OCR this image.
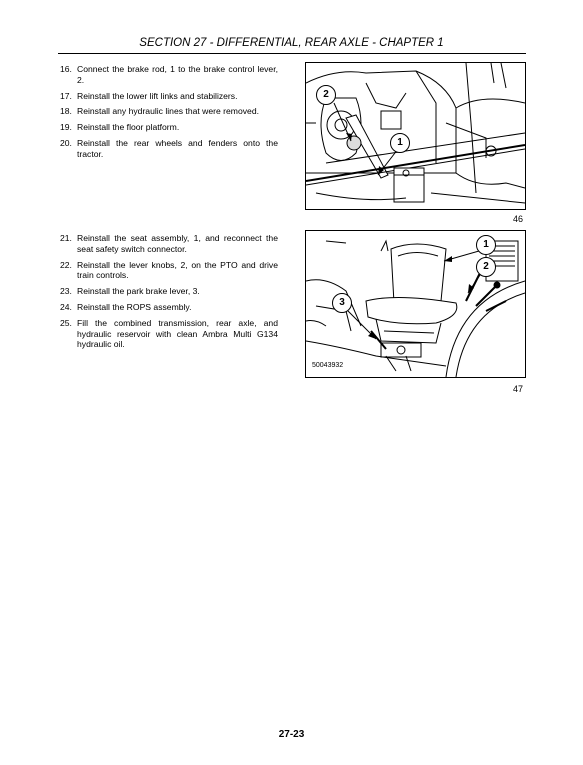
SECTION 27 - DIFFERENTIAL, REAR AXLE - CHAPTER 1
16. Connect the brake rod, 1 to the brake control lever, 2.
17. Reinstall the lower lift links and stabilizers.
18. Reinstall any hydraulic lines that were removed.
19. Reinstall the floor platform.
20. Reinstall the rear wheels and fenders onto the tractor.
2
1
46
21. Reinstall the seat assembly, 1, and reconnect the seat safety switch connector.
22. Reinstall the lever knobs, 2, on the PTO and drive train controls.
23. Reinstall the park brake lever, 3.
24. Reinstall the ROPS assembly.
25. Fill the combined transmission, rear axle, and hydraulic reservoir with clean Ambra Multi G134 hydraulic oil.
1
2
3
50043932
47
27-23
